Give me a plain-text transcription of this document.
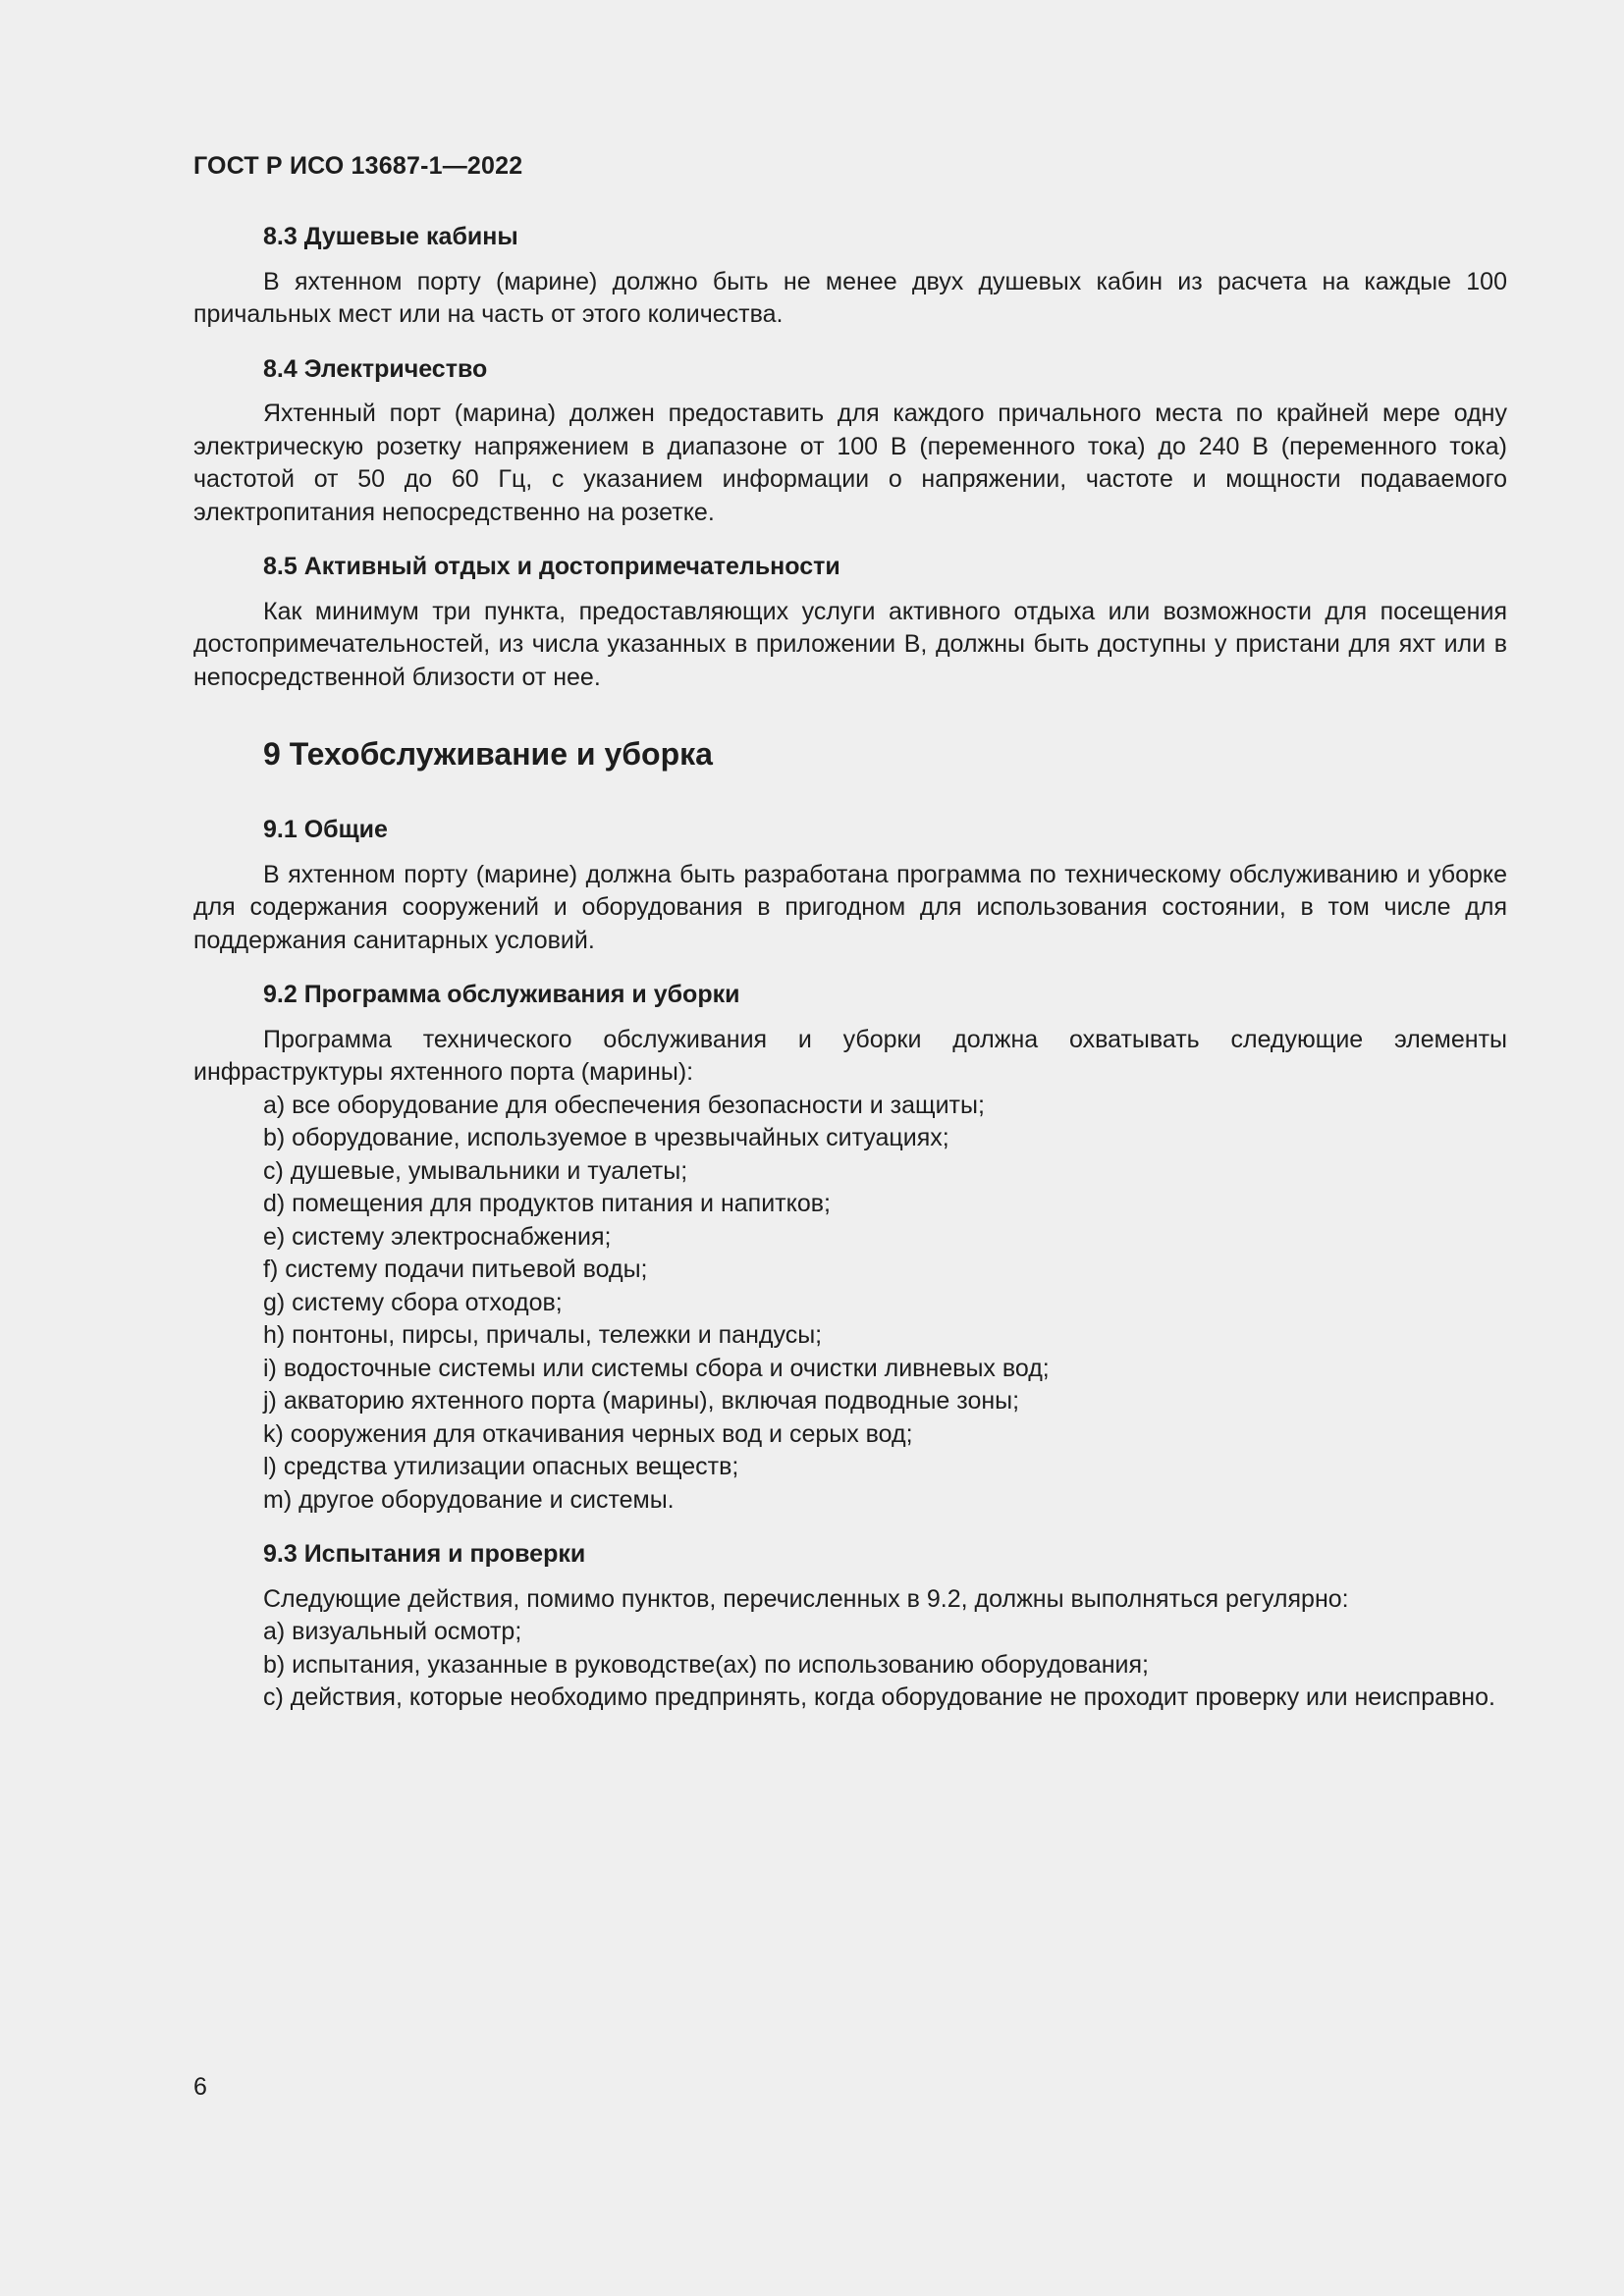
ГОСТ Р ИСО 13687-1—2022
8.3 Душевые кабины

В яхтенном порту (марине) должно быть не менее двух душевых кабин из расчета на каждые 100 причальных мест или на часть от этого количества.

8.4 Электричество

Яхтенный порт (марина) должен предоставить для каждого причального места по крайней мере одну электрическую розетку напряжением в диапазоне от 100 В (переменного тока) до 240 В (переменного тока) частотой от 50 до 60 Гц, с указанием информации о напряжении, частоте и мощности подаваемого электропитания непосредственно на розетке.

8.5 Активный отдых и достопримечательности

Как минимум три пункта, предоставляющих услуги активного отдыха или возможности для посещения достопримечательностей, из числа указанных в приложении В, должны быть доступны у пристани для яхт или в непосредственной близости от нее.

9 Техобслуживание и уборка
9.1 Общие

В яхтенном порту (марине) должна быть разработана программа по техническому обслуживанию и уборке для содержания сооружений и оборудования в пригодном для использования состоянии, в том числе для поддержания санитарных условий.

9.2 Программа обслуживания и уборки

Программа технического обслуживания и уборки должна охватывать следующие элементы инфраструктуры яхтенного порта (марины):

a) все оборудование для обеспечения безопасности и защиты;
b) оборудование, используемое в чрезвычайных ситуациях;
c) душевые, умывальники и туалеты;
d) помещения для продуктов питания и напитков;
e) систему электроснабжения;
f) систему подачи питьевой воды;
g) систему сбора отходов;
h) понтоны, пирсы, причалы, тележки и пандусы;
i) водосточные системы или системы сбора и очистки ливневых вод;
j) акваторию яхтенного порта (марины), включая подводные зоны;
k) сооружения для откачивания черных вод и серых вод;
l) средства утилизации опасных веществ;
m) другое оборудование и системы.
9.3 Испытания и проверки

Следующие действия, помимо пунктов, перечисленных в 9.2, должны выполняться регулярно:

a) визуальный осмотр;
b) испытания, указанные в руководстве(ах) по использованию оборудования;
c) действия, которые необходимо предпринять, когда оборудование не проходит проверку или неисправно.
6
